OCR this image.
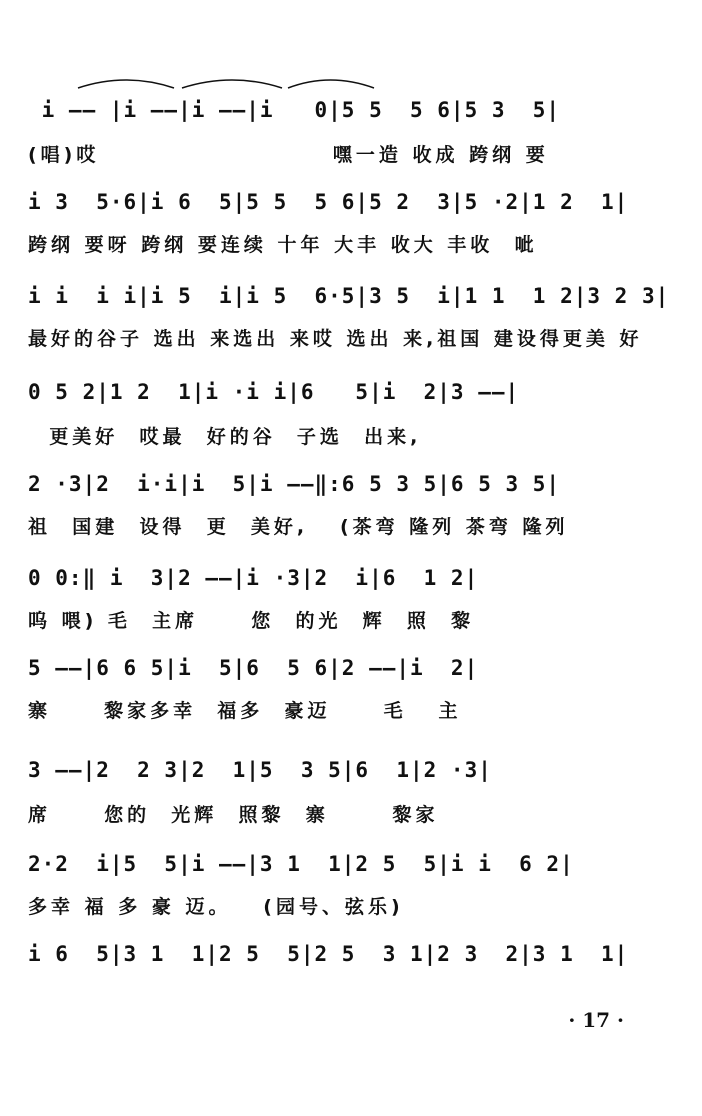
i —— |i ——|i ——|i   0|5 5  5 6|5 3  5|
(唱)哎                      嘿一造 收成 跨纲 要
i 3  5·6|i 6  5|5 5  5 6|5 2  3|5 ·2|1 2  1|
跨纲 要呀 跨纲 要连续 十年 大丰 收大 丰收  呲
i i  i i|i 5  i|i 5  6·5|3 5  i|1 1  1 2|3 2 3|
最好的谷子 选出 来选出 来哎 选出 来,祖国 建设得更美 好
0 5 2|1 2  1|i ·i i|6   5|i  2|3 ——|
更美好  哎最  好的谷  子选  出来,
2 ·3|2  i·i|i  5|i ——‖:6 5 3 5|6 5 3 5|
祖  国建  设得  更  美好,   (茶弯 隆列 茶弯 隆列
0 0:‖ i  3|2 ——|i ·3|2  i|6  1 2|
呜 喂) 毛  主席     您  的光  辉  照  黎
5 ——|6 6 5|i  5|6  5 6|2 ——|i  2|
寨     黎家多幸  福多  豪迈     毛   主
3 ——|2  2 3|2  1|5  3 5|6  1|2 ·3|
席     您的  光辉  照黎  寨      黎家
2·2  i|5  5|i ——|3 1  1|2 5  5|i i  6 2|
多幸 福 多 豪 迈。   (园号、弦乐)
i 6  5|3 1  1|2 5  5|2 5  3 1|2 3  2|3 1  1|
· 17 ·
